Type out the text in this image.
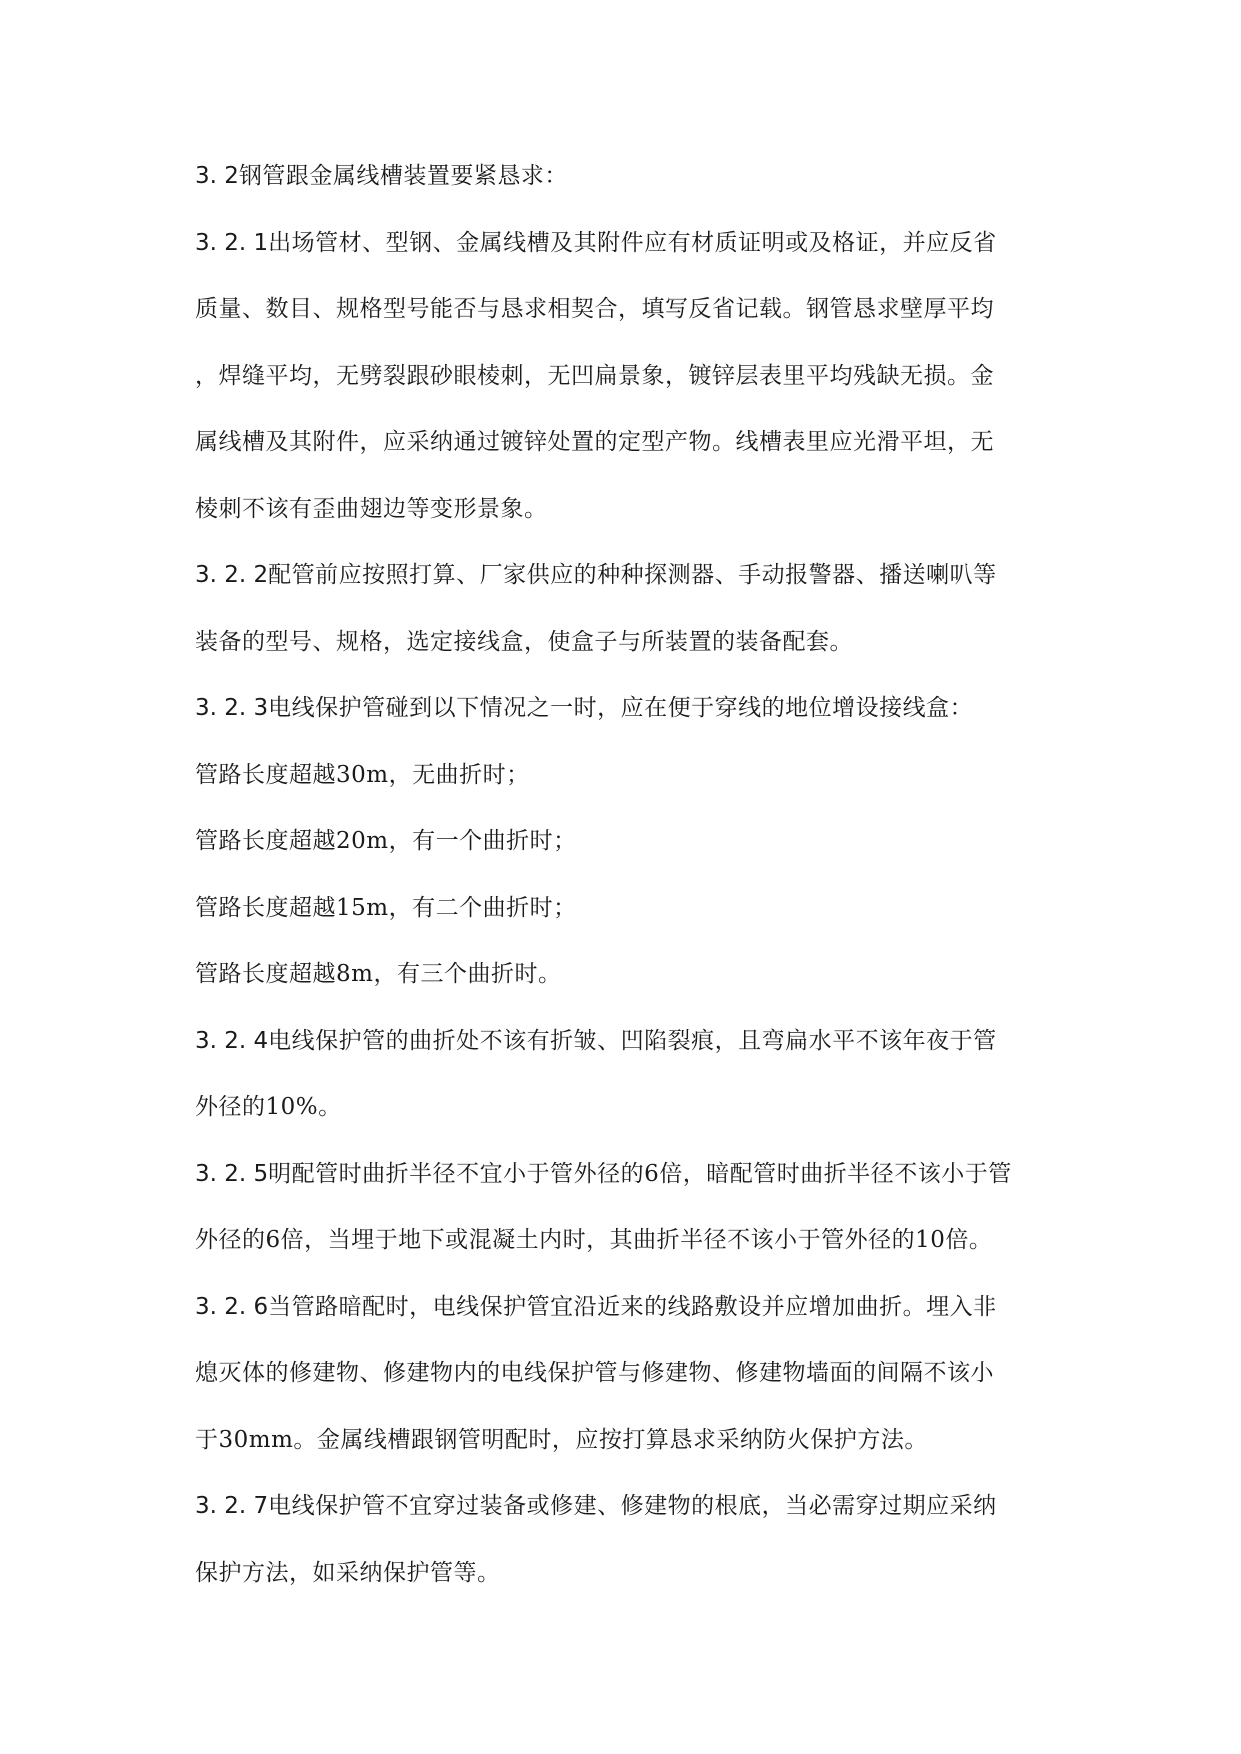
3. 2钢管跟金属线槽装置要紧恳求：
3. 2. 1出场管材、型钢、金属线槽及其附件应有材质证明或及格证，并应反省
质量、数目、规格型号能否与恳求相契合，填写反省记载。钢管恳求壁厚平均
，焊缝平均，无劈裂跟砂眼棱刺，无凹扁景象，镀锌层表里平均残缺无损。金
属线槽及其附件，应采纳通过镀锌处置的定型产物。线槽表里应光滑平坦，无
棱刺不该有歪曲翅边等变形景象。
3. 2. 2配管前应按照打算、厂家供应的种种探测器、手动报警器、播送喇叭等
装备的型号、规格，选定接线盒，使盒子与所装置的装备配套。
3. 2. 3电线保护管碰到以下情况之一时，应在便于穿线的地位增设接线盒：
管路长度超越30m，无曲折时；
管路长度超越20m，有一个曲折时；
管路长度超越15m，有二个曲折时；
管路长度超越8m，有三个曲折时。
3. 2. 4电线保护管的曲折处不该有折皱、凹陷裂痕，且弯扁水平不该年夜于管
外径的10%。
3. 2. 5明配管时曲折半径不宜小于管外径的6倍，暗配管时曲折半径不该小于管
外径的6倍，当埋于地下或混凝土内时，其曲折半径不该小于管外径的10倍。
3. 2. 6当管路暗配时，电线保护管宜沿近来的线路敷设并应增加曲折。埋入非
熄灭体的修建物、修建物内的电线保护管与修建物、修建物墙面的间隔不该小
于30mm。金属线槽跟钢管明配时，应按打算恳求采纳防火保护方法。
3. 2. 7电线保护管不宜穿过装备或修建、修建物的根底，当必需穿过期应采纳
保护方法，如采纳保护管等。
